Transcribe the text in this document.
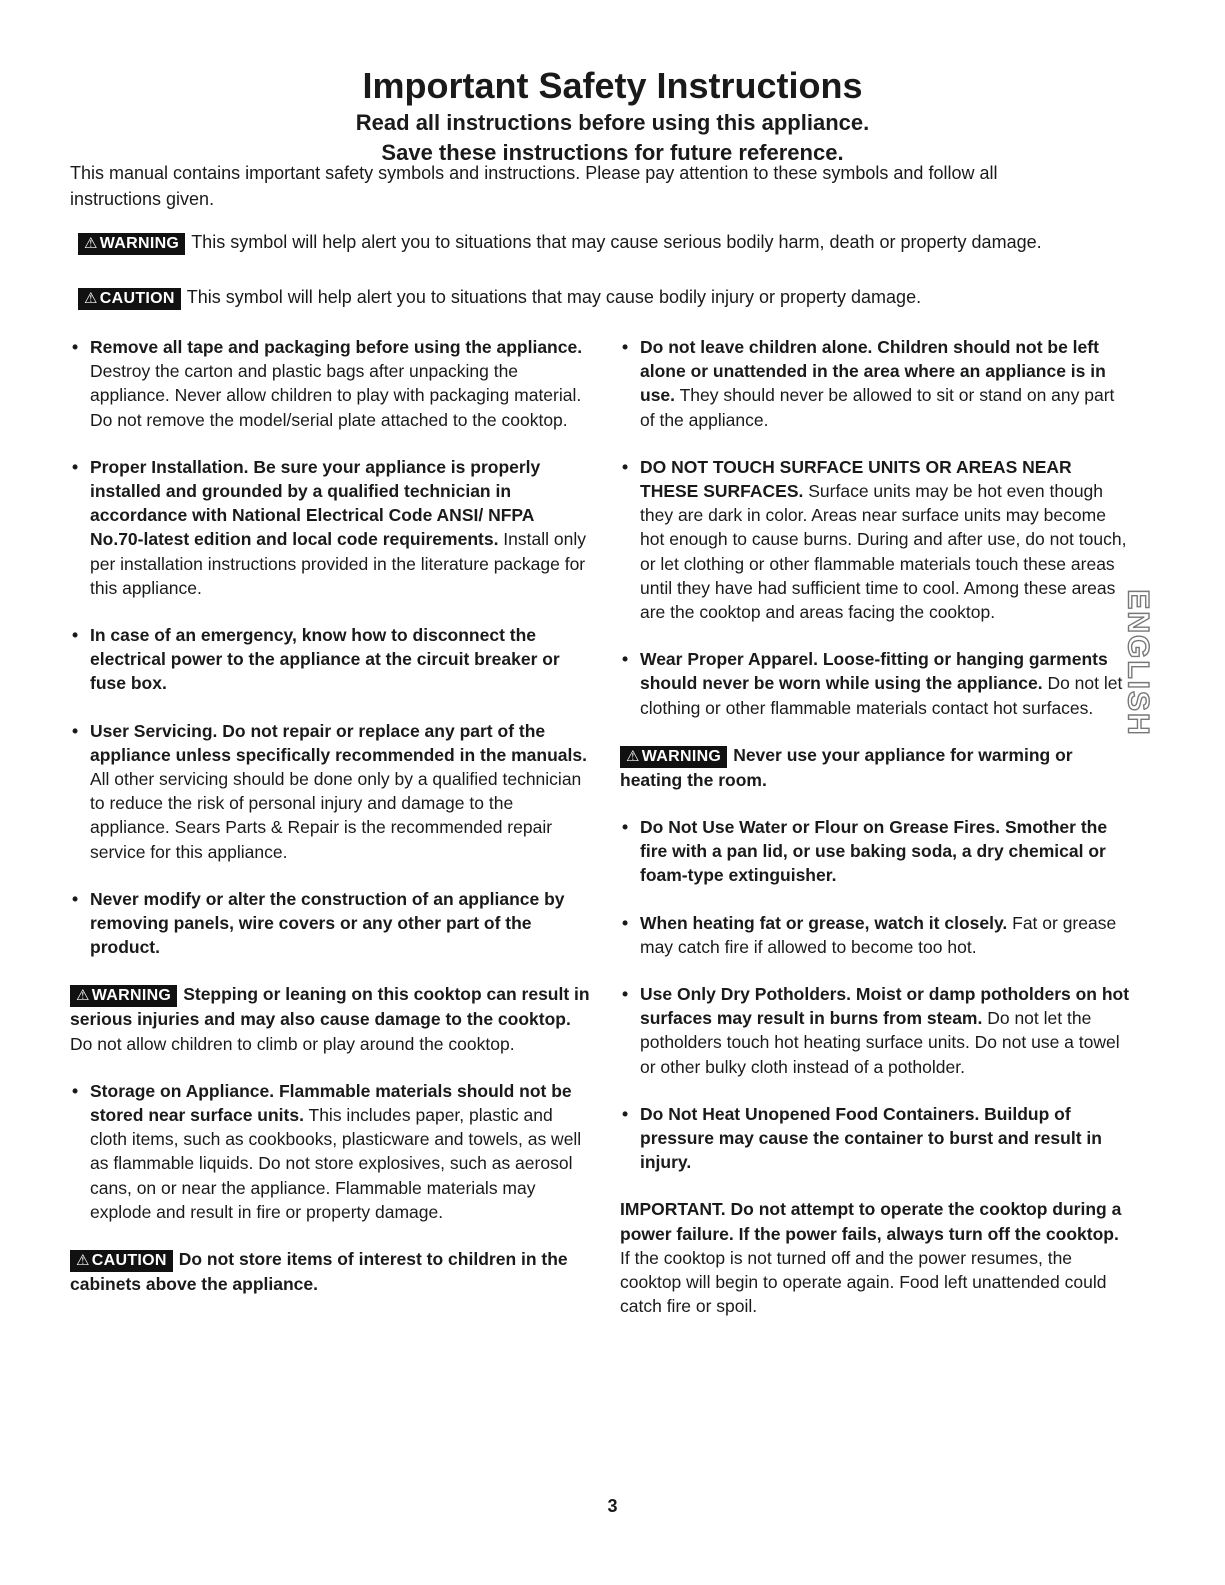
Important Safety Instructions

Read all instructions before using this appliance.

Save these instructions for future reference.

This manual contains important safety symbols and instructions. Please pay attention to these symbols and follow all instructions given.
⚠ WARNING This symbol will help alert you to situations that may cause serious bodily harm, death or property damage.
⚠ CAUTION This symbol will help alert you to situations that may cause bodily injury or property damage.
• Remove all tape and packaging before using the appliance. Destroy the carton and plastic bags after unpacking the appliance. Never allow children to play with packaging material. Do not remove the model/serial plate attached to the cooktop.
• Proper Installation. Be sure your appliance is properly installed and grounded by a qualified technician in accordance with National Electrical Code ANSI/ NFPA No.70-latest edition and local code requirements. Install only per installation instructions provided in the literature package for this appliance.
• In case of an emergency, know how to disconnect the electrical power to the appliance at the circuit breaker or fuse box.
• User Servicing. Do not repair or replace any part of the appliance unless specifically recommended in the manuals. All other servicing should be done only by a qualified technician to reduce the risk of personal injury and damage to the appliance. Sears Parts & Repair is the recommended repair service for this appliance.
• Never modify or alter the construction of an appliance by removing panels, wire covers or any other part of the product.
⚠ WARNING Stepping or leaning on this cooktop can result in serious injuries and may also cause damage to the cooktop. Do not allow children to climb or play around the cooktop.
• Storage on Appliance. Flammable materials should not be stored near surface units. This includes paper, plastic and cloth items, such as cookbooks, plasticware and towels, as well as flammable liquids. Do not store explosives, such as aerosol cans, on or near the appliance. Flammable materials may explode and result in fire or property damage.
⚠ CAUTION Do not store items of interest to children in the cabinets above the appliance.
• Do not leave children alone. Children should not be left alone or unattended in the area where an appliance is in use. They should never be allowed to sit or stand on any part of the appliance.
• DO NOT TOUCH SURFACE UNITS OR AREAS NEAR THESE SURFACES. Surface units may be hot even though they are dark in color. Areas near surface units may become hot enough to cause burns. During and after use, do not touch, or let clothing or other flammable materials touch these areas until they have had sufficient time to cool. Among these areas are the cooktop and areas facing the cooktop.
• Wear Proper Apparel. Loose-fitting or hanging garments should never be worn while using the appliance. Do not let clothing or other flammable materials contact hot surfaces.
⚠ WARNING Never use your appliance for warming or heating the room.
• Do Not Use Water or Flour on Grease Fires. Smother the fire with a pan lid, or use baking soda, a dry chemical or foam-type extinguisher.
• When heating fat or grease, watch it closely. Fat or grease may catch fire if allowed to become too hot.
• Use Only Dry Potholders. Moist or damp potholders on hot surfaces may result in burns from steam. Do not let the potholders touch hot heating surface units. Do not use a towel or other bulky cloth instead of a potholder.
• Do Not Heat Unopened Food Containers. Buildup of pressure may cause the container to burst and result in injury.
IMPORTANT. Do not attempt to operate the cooktop during a power failure. If the power fails, always turn off the cooktop. If the cooktop is not turned off and the power resumes, the cooktop will begin to operate again. Food left unattended could catch fire or spoil.
ENGLISH
3
